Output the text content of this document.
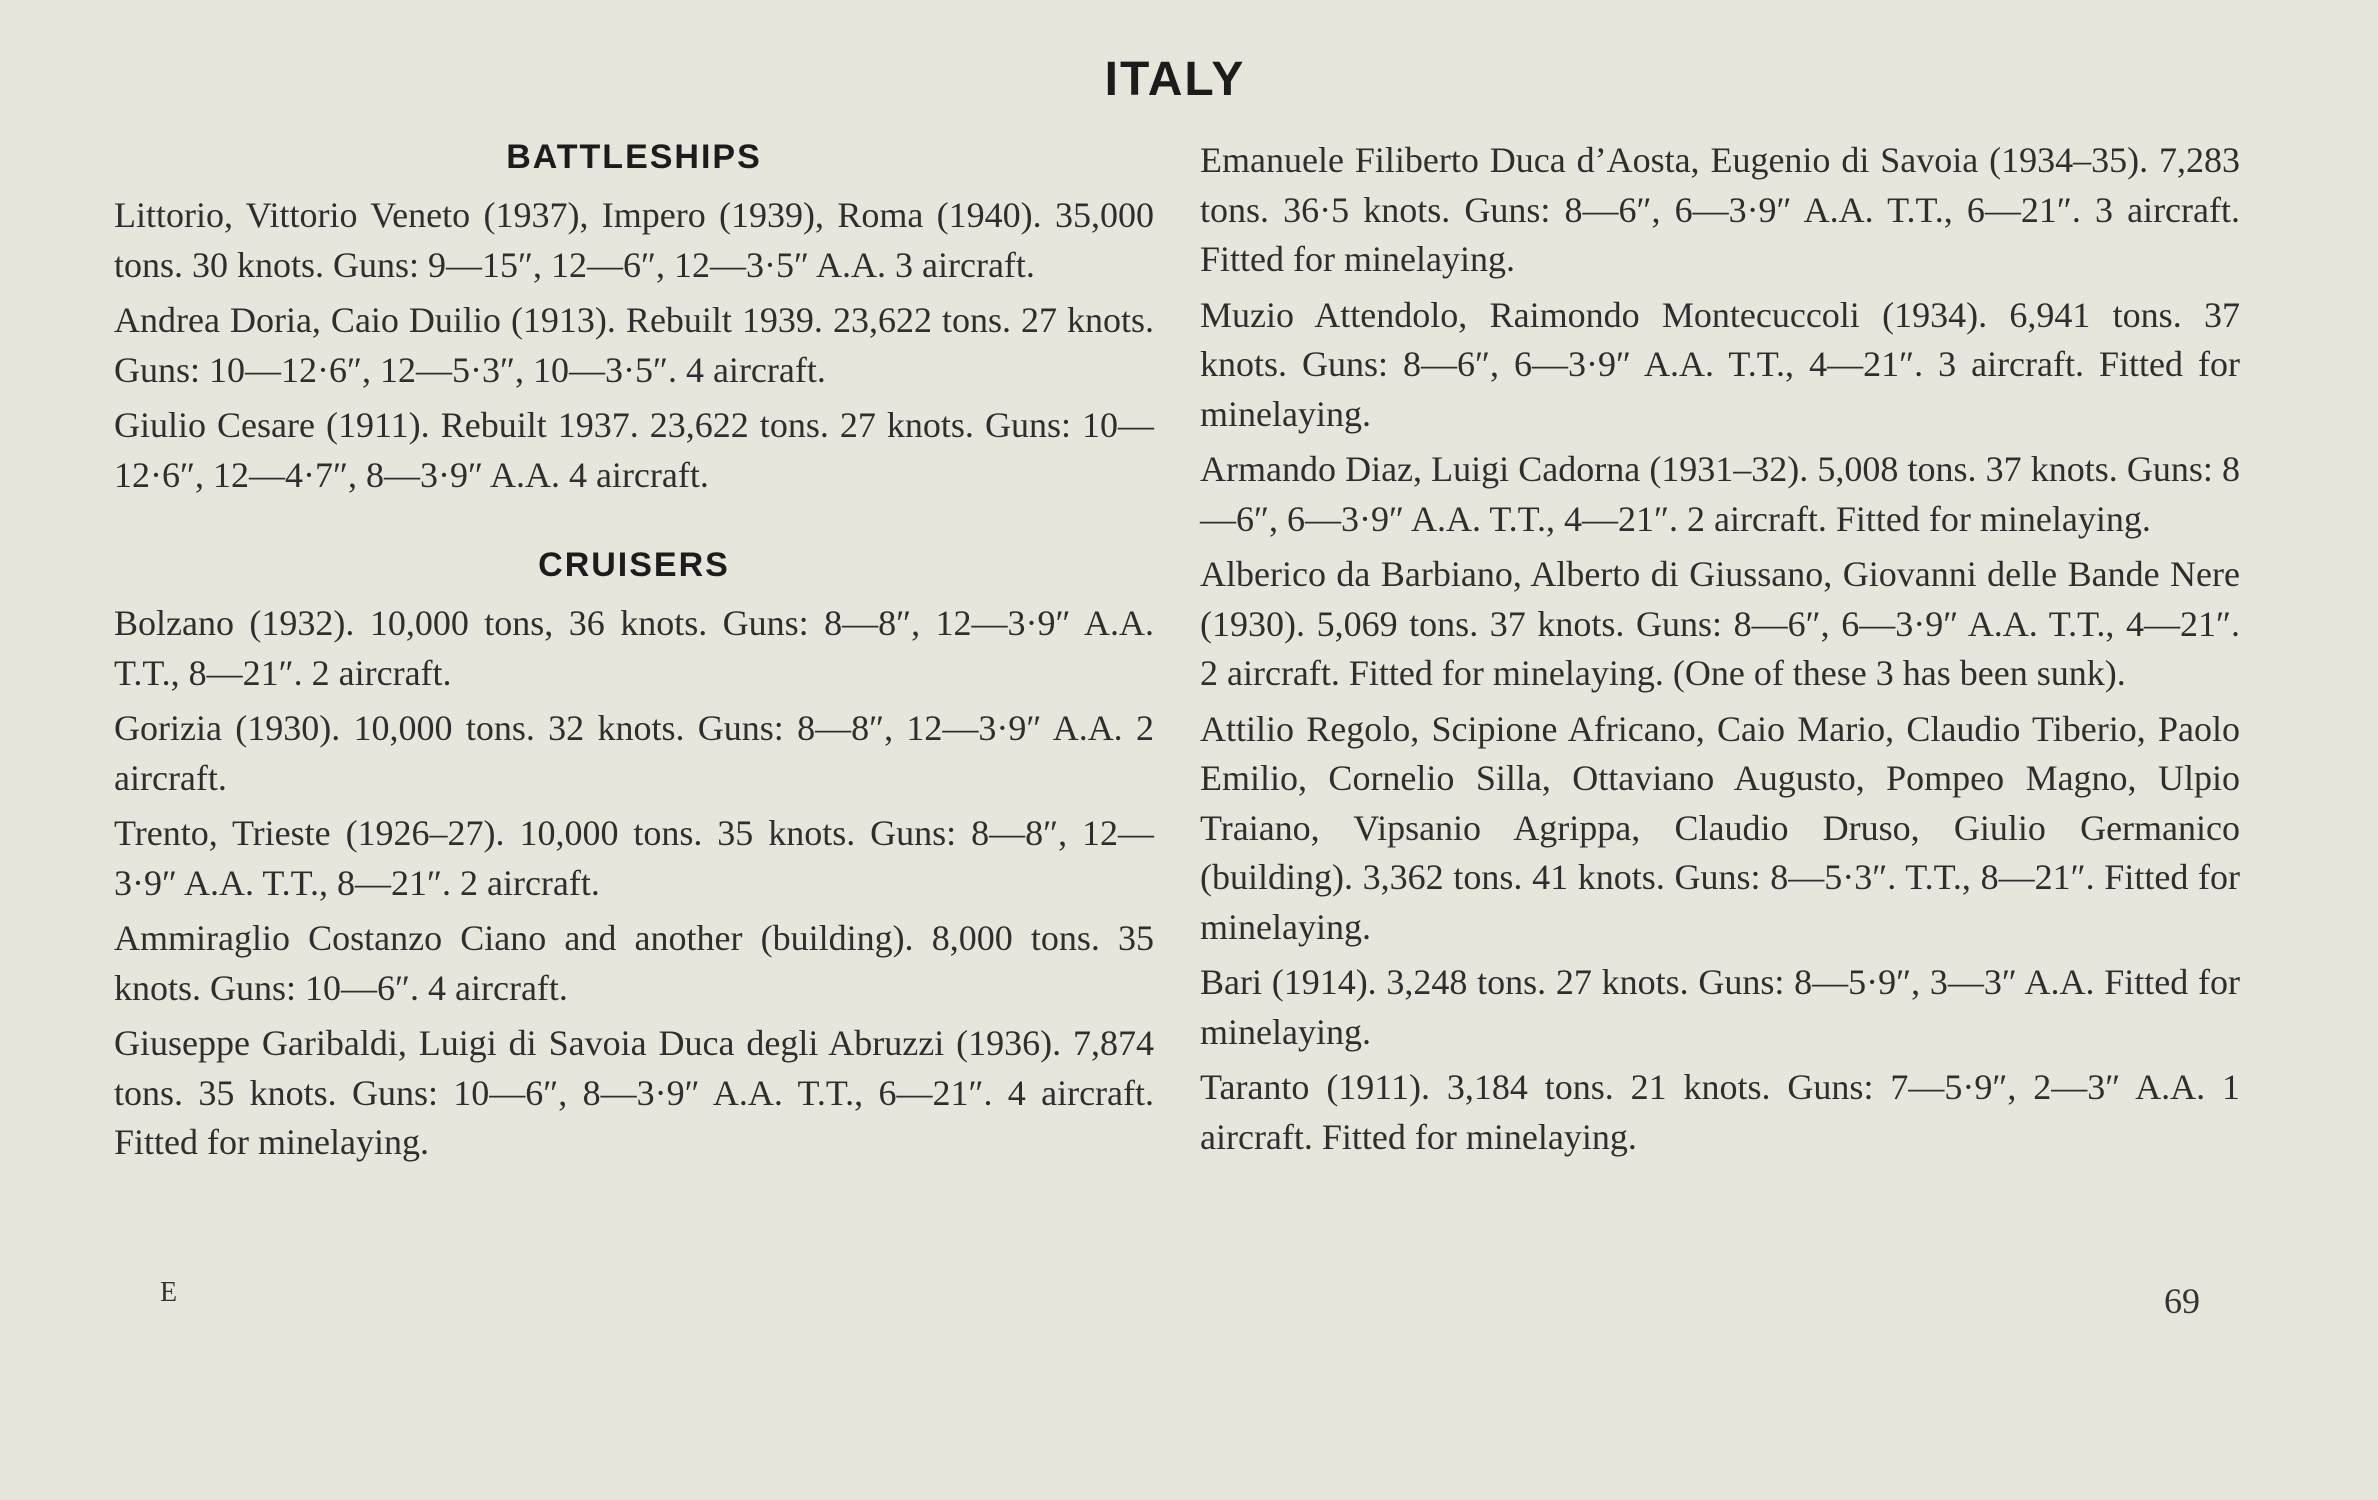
ITALY
BATTLESHIPS

Littorio, Vittorio Veneto (1937), Impero (1939), Roma (1940). 35,000 tons. 30 knots. Guns: 9—15″, 12—6″, 12—3·5″ A.A. 3 aircraft.

Andrea Doria, Caio Duilio (1913). Rebuilt 1939. 23,622 tons. 27 knots. Guns: 10—12·6″, 12—5·3″, 10—3·5″. 4 aircraft.

Giulio Cesare (1911). Rebuilt 1937. 23,622 tons. 27 knots. Guns: 10—12·6″, 12—4·7″, 8—3·9″ A.A. 4 aircraft.

CRUISERS

Bolzano (1932). 10,000 tons, 36 knots. Guns: 8—8″, 12—3·9″ A.A. T.T., 8—21″. 2 aircraft.

Gorizia (1930). 10,000 tons. 32 knots. Guns: 8—8″, 12—3·9″ A.A. 2 aircraft.

Trento, Trieste (1926–27). 10,000 tons. 35 knots. Guns: 8—8″, 12—3·9″ A.A. T.T., 8—21″. 2 aircraft.

Ammiraglio Costanzo Ciano and another (building). 8,000 tons. 35 knots. Guns: 10—6″. 4 aircraft.

Giuseppe Garibaldi, Luigi di Savoia Duca degli Abruzzi (1936). 7,874 tons. 35 knots. Guns: 10—6″, 8—3·9″ A.A. T.T., 6—21″. 4 aircraft. Fitted for minelaying.

Emanuele Filiberto Duca d’Aosta, Eugenio di Savoia (1934–35). 7,283 tons. 36·5 knots. Guns: 8—6″, 6—3·9″ A.A. T.T., 6—21″. 3 aircraft. Fitted for minelaying.

Muzio Attendolo, Raimondo Montecuccoli (1934). 6,941 tons. 37 knots. Guns: 8—6″, 6—3·9″ A.A. T.T., 4—21″. 3 aircraft. Fitted for minelaying.

Armando Diaz, Luigi Cadorna (1931–32). 5,008 tons. 37 knots. Guns: 8—6″, 6—3·9″ A.A. T.T., 4—21″. 2 aircraft. Fitted for minelaying.

Alberico da Barbiano, Alberto di Giussano, Giovanni delle Bande Nere (1930). 5,069 tons. 37 knots. Guns: 8—6″, 6—3·9″ A.A. T.T., 4—21″. 2 aircraft. Fitted for minelaying. (One of these 3 has been sunk).

Attilio Regolo, Scipione Africano, Caio Mario, Claudio Tiberio, Paolo Emilio, Cornelio Silla, Ottaviano Augusto, Pompeo Magno, Ulpio Traiano, Vipsanio Agrippa, Claudio Druso, Giulio Germanico (building). 3,362 tons. 41 knots. Guns: 8—5·3″. T.T., 8—21″. Fitted for minelaying.

Bari (1914). 3,248 tons. 27 knots. Guns: 8—5·9″, 3—3″ A.A. Fitted for minelaying.

Taranto (1911). 3,184 tons. 21 knots. Guns: 7—5·9″, 2—3″ A.A. 1 aircraft. Fitted for minelaying.

E	69
